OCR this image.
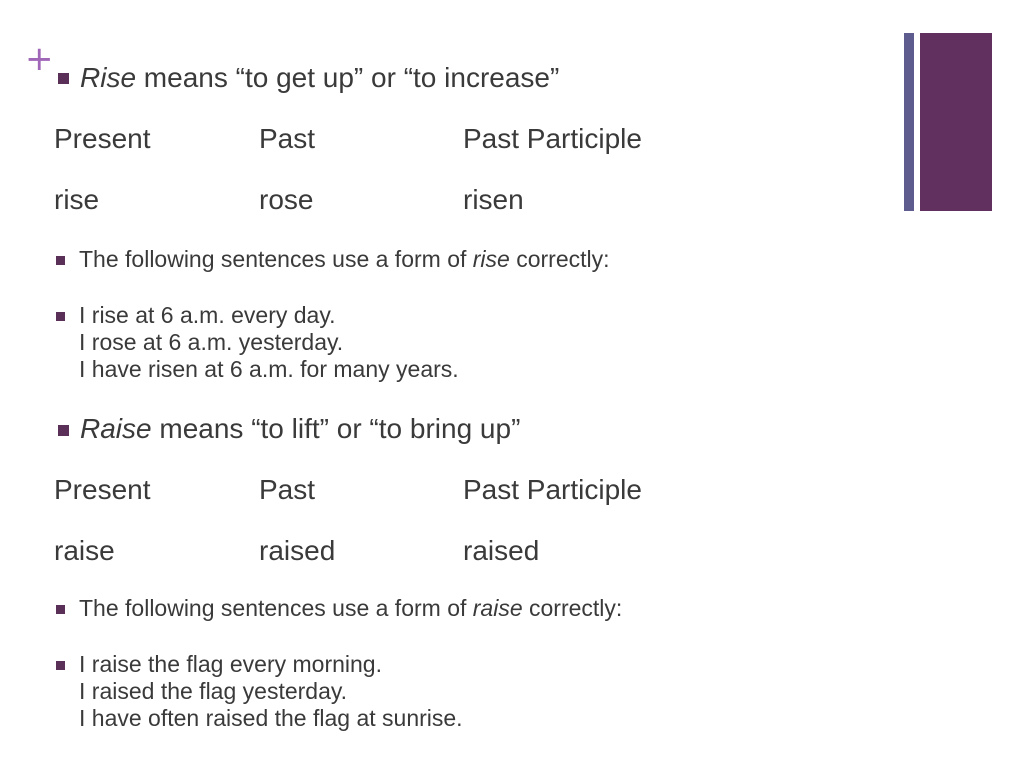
+ Rise means “to get up” or “to increase”
Present	Past	Past Participle
rise	rose	risen
The following sentences use a form of rise correctly:
I rise at 6 a.m. every day.
I rose at 6 a.m. yesterday.
I have risen at 6 a.m. for many years.
Raise means “to lift” or “to bring up”
Present	Past	Past Participle
raise	raised	raised
The following sentences use a form of raise correctly:
I raise the flag every morning.
I raised the flag yesterday.
I have often raised the flag at sunrise.
